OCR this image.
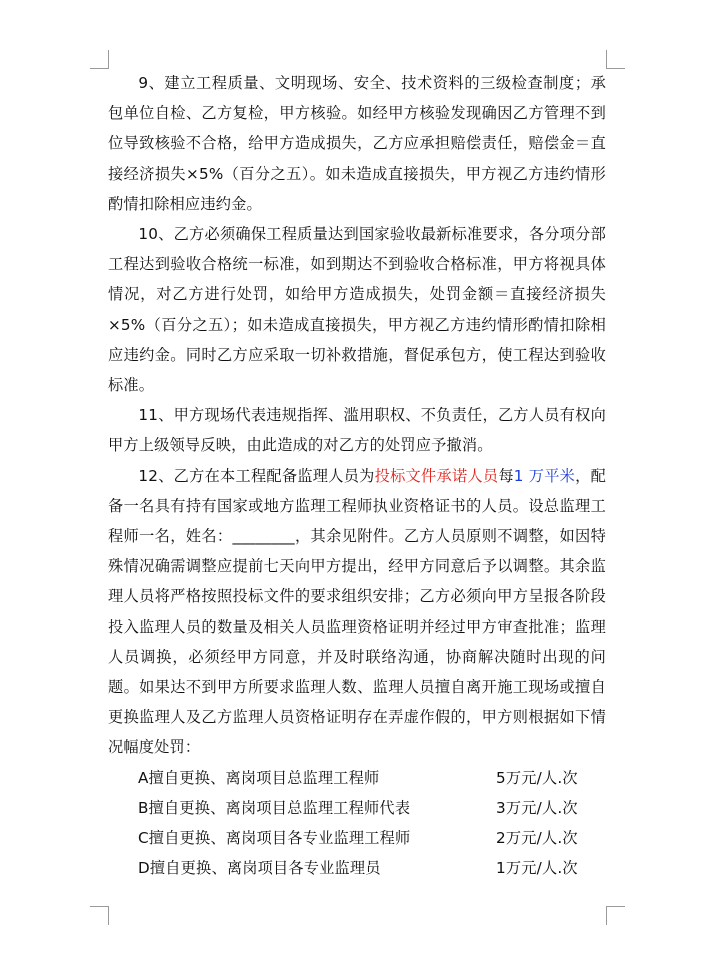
9、建立工程质量、文明现场、安全、技术资料的三级检查制度；承包单位自检、乙方复检，甲方核验。如经甲方核验发现确因乙方管理不到位导致核验不合格，给甲方造成损失，乙方应承担赔偿责任，赔偿金＝直接经济损失×5%（百分之五）。如未造成直接损失，甲方视乙方违约情形酌情扣除相应违约金。

10、乙方必须确保工程质量达到国家验收最新标准要求，各分项分部工程达到验收合格统一标准，如到期达不到验收合格标准，甲方将视具体情况，对乙方进行处罚，如给甲方造成损失，处罚金额＝直接经济损失×5%（百分之五）；如未造成直接损失，甲方视乙方违约情形酌情扣除相应违约金。同时乙方应采取一切补救措施，督促承包方，使工程达到验收标准。

11、甲方现场代表违规指挥、滥用职权、不负责任，乙方人员有权向甲方上级领导反映，由此造成的对乙方的处罚应予撤消。

12、乙方在本工程配备监理人员为投标文件承诺人员每1 万平米，配备一名具有持有国家或地方监理工程师执业资格证书的人员。设总监理工程师一名，姓名：________，其余见附件。乙方人员原则不调整，如因特殊情况确需调整应提前七天向甲方提出，经甲方同意后予以调整。其余监理人员将严格按照投标文件的要求组织安排；乙方必须向甲方呈报各阶段投入监理人员的数量及相关人员监理资格证明并经过甲方审查批准；监理人员调换，必须经甲方同意，并及时联络沟通，协商解决随时出现的问题。如果达不到甲方所要求监理人数、监理人员擅自离开施工现场或擅自更换监理人及乙方监理人员资格证明存在弄虚作假的，甲方则根据如下情况幅度处罚：

A擅自更换、离岗项目总监理工程师	5万元/人.次
B擅自更换、离岗项目总监理工程师代表	3万元/人.次
C擅自更换、离岗项目各专业监理工程师	2万元/人.次
D擅自更换、离岗项目各专业监理员	1万元/人.次
